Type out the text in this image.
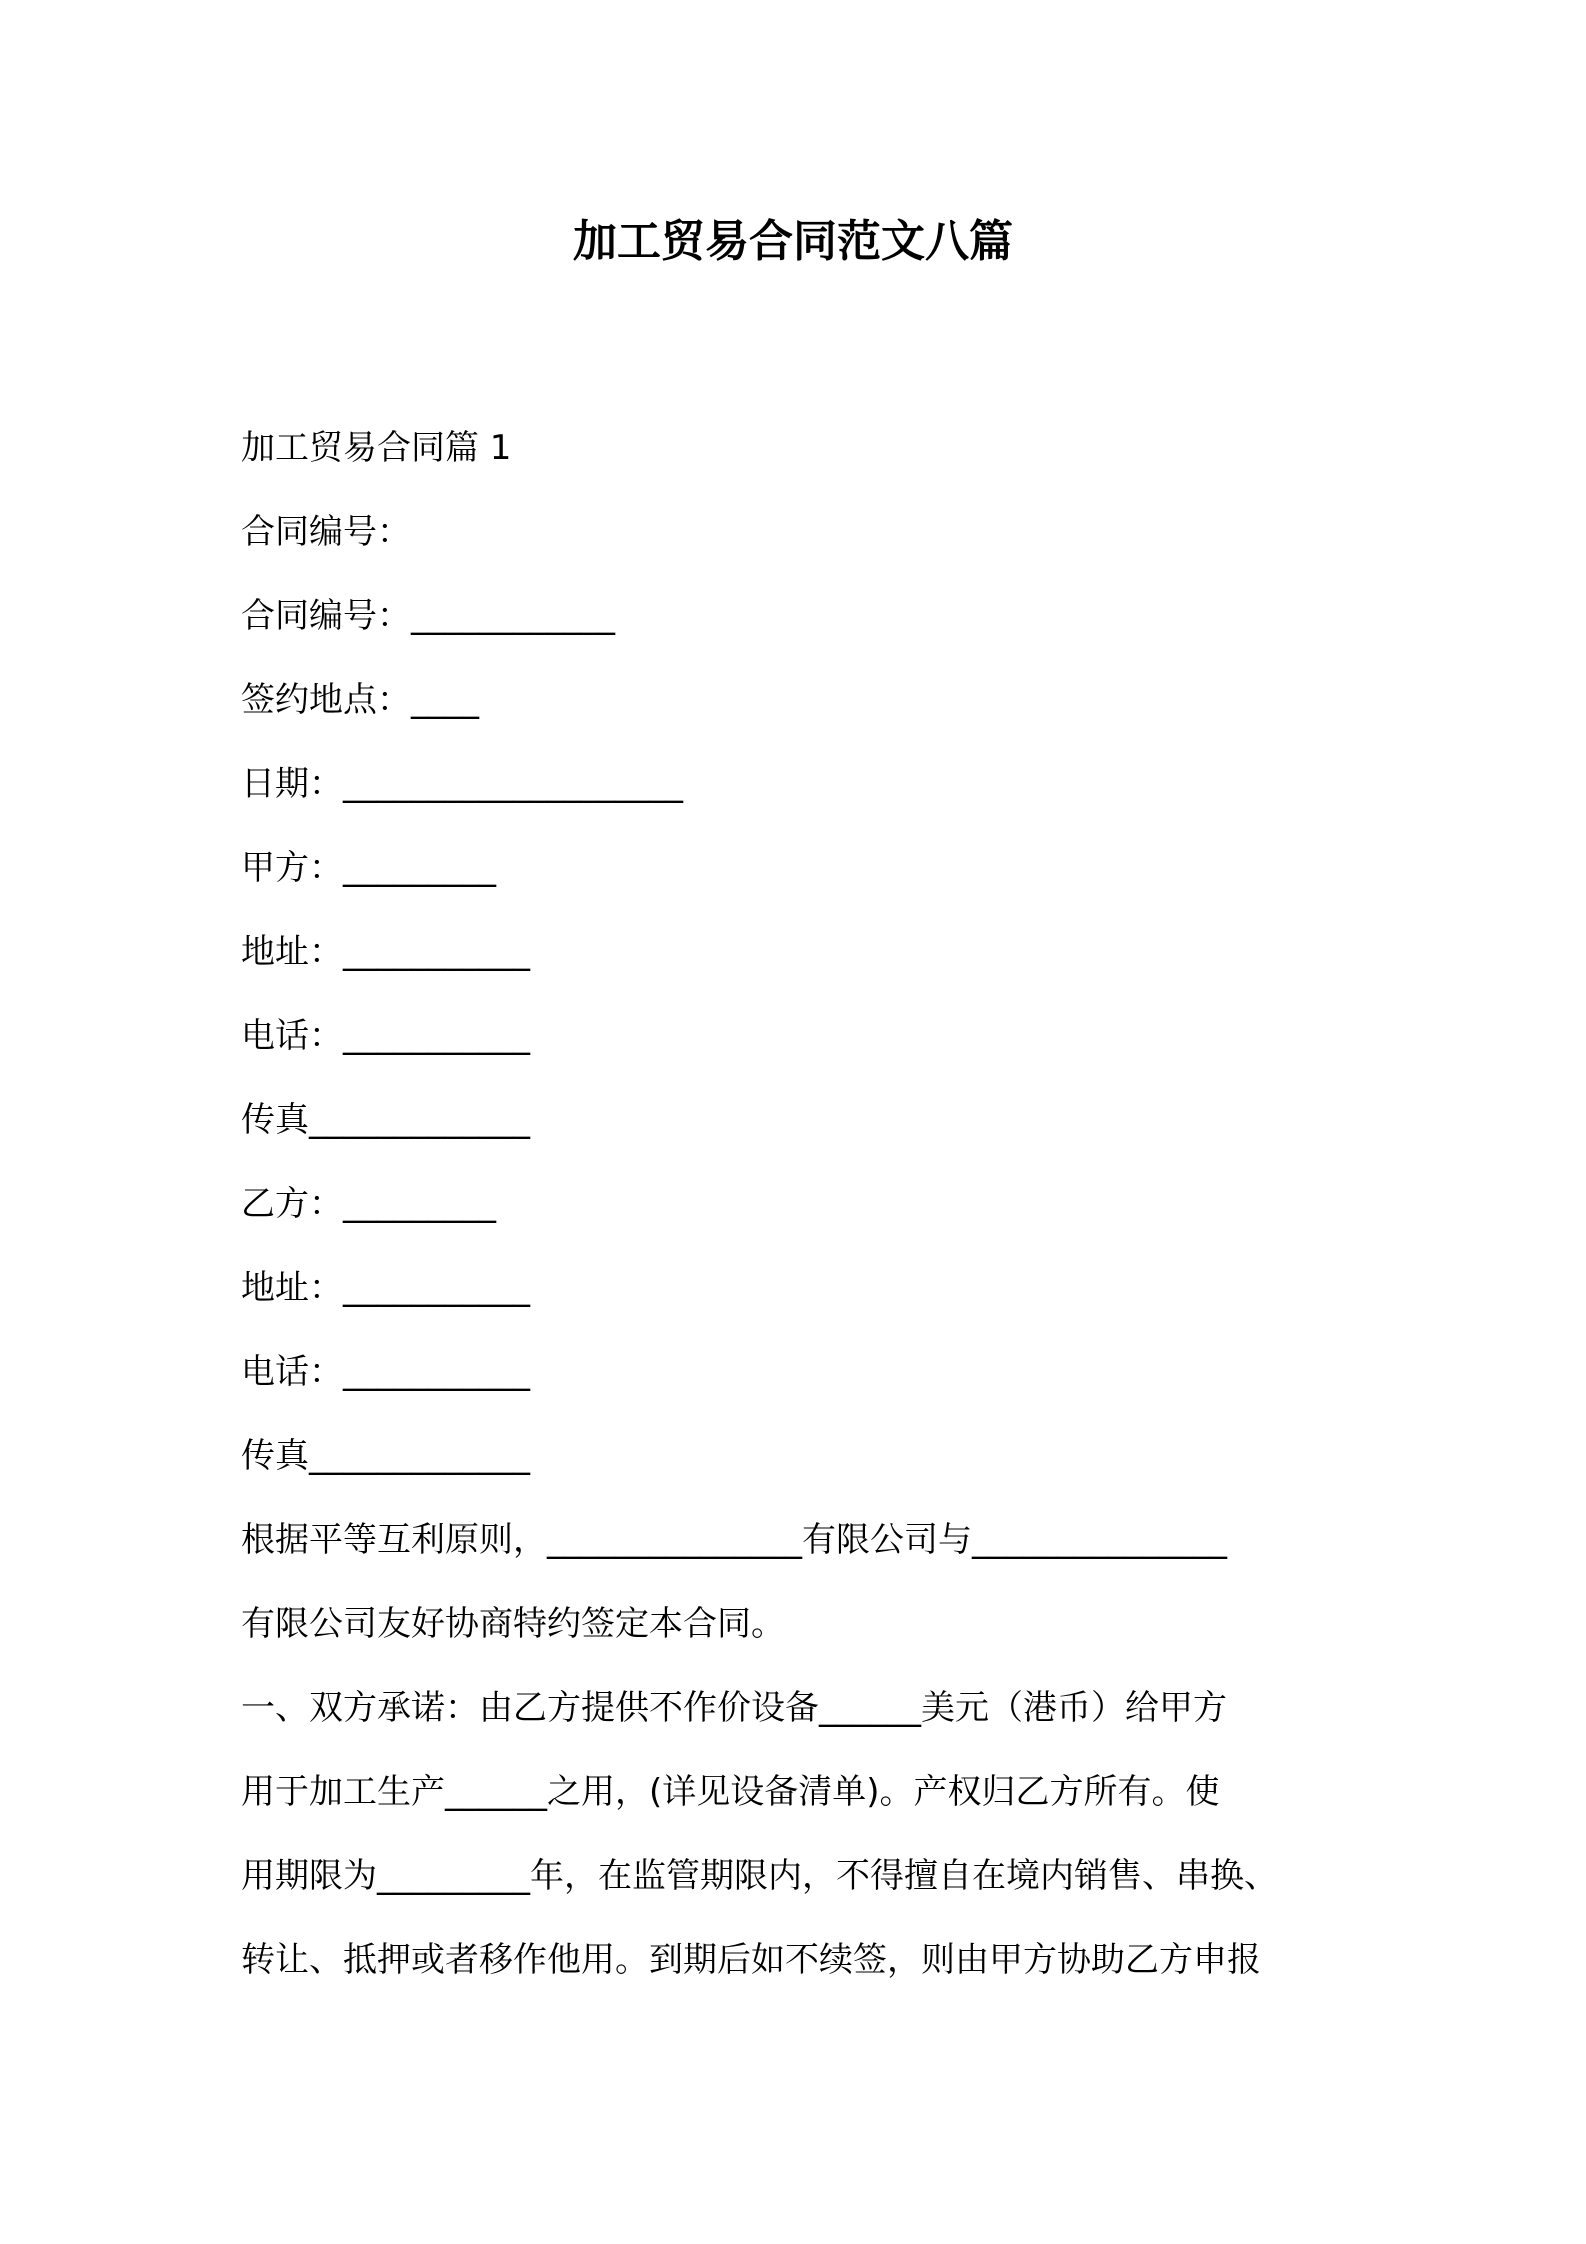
加工贸易合同范文八篇

加工贸易合同篇 1

合同编号：

合同编号：____________

签约地点：____

日期：____________________

甲方：_________

地址：___________

电话：___________

传真_____________

乙方：_________

地址：___________

电话：___________

传真_____________

根据平等互利原则，_______________有限公司与_______________

有限公司友好协商特约签定本合同。

一、双方承诺：由乙方提供不作价设备______美元（港币）给甲方

用于加工生产______之用，(详见设备清单)。产权归乙方所有。使

用期限为_________年，在监管期限内，不得擅自在境内销售、串换、

转让、抵押或者移作他用。到期后如不续签，则由甲方协助乙方申报
